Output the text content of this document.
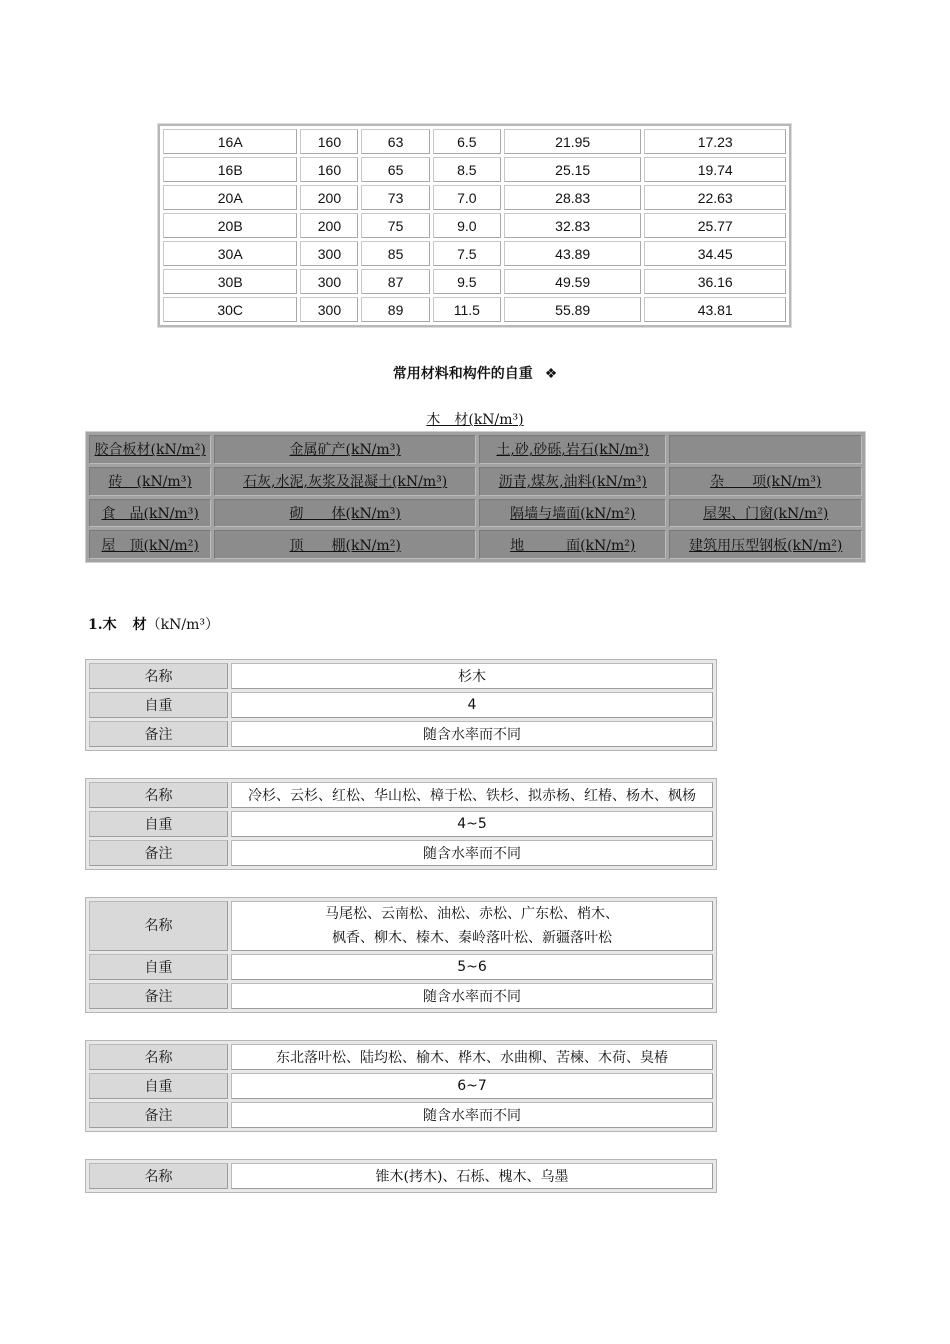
16A	160	63	6.5	21.95	17.23
16B	160	65	8.5	25.15	19.74
20A	200	73	7.0	28.83	22.63
20B	200	75	9.0	32.83	25.77
30A	300	85	7.5	43.89	34.45
30B	300	87	9.5	49.59	36.16
30C	300	89	11.5	55.89	43.81
常用材料和构件的自重 ❖
木　材(kN/m³)
胶合板材(kN/m²)	金属矿产(kN/m³)	土,砂,砂砾,岩石(kN/m³)	
砖　(kN/m³)	石灰,水泥,灰浆及混凝土(kN/m³)	沥青,煤灰,油料(kN/m³)	杂　　项(kN/m³)
食　品(kN/m³)	砌　　体(kN/m³)	隔墙与墙面(kN/m²)	屋架、门窗(kN/m²)
屋　顶(kN/m²)	顶　　棚(kN/m²)	地　　　面(kN/m²)	建筑用压型钢板(kN/m²)
1.木 材（kN/m³）
名称	杉木

自重	4
备注	随含水率而不同
名称	冷杉、云杉、红松、华山松、樟于松、铁杉、拟赤杨、红椿、杨木、枫杨

自重	4~5
备注	随含水率而不同
名称	马尾松、云南松、油松、赤松、广东松、梢木、
枫香、柳木、榛木、秦岭落叶松、新疆落叶松

自重	5~6
备注	随含水率而不同
名称	东北落叶松、陆均松、榆木、桦木、水曲柳、苦楝、木荷、臭椿

自重	6~7
备注	随含水率而不同
名称	锥木(拷木)、石栎、槐木、乌墨
